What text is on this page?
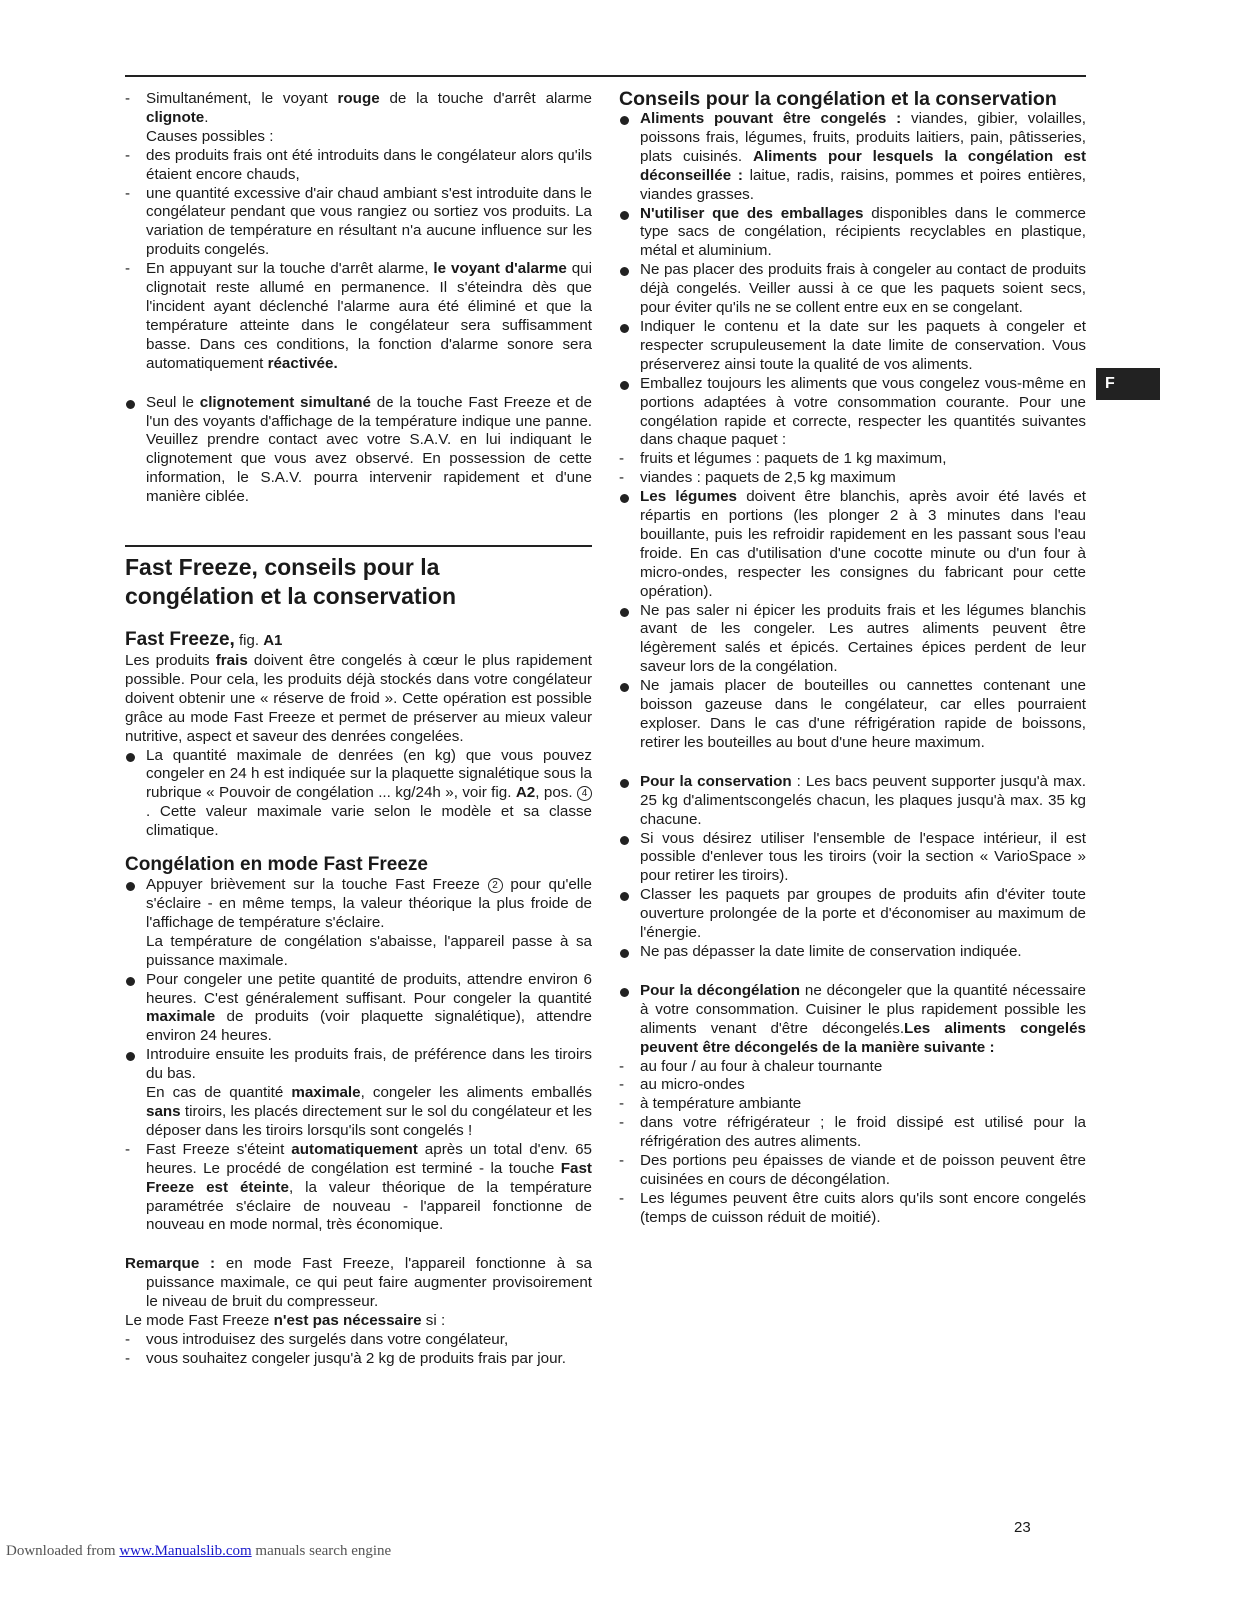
- Simultanément, le voyant rouge de la touche d'arrêt alarme clignote.

Causes possibles :

- des produits frais ont été introduits dans le congélateur alors qu'ils étaient encore chauds,
- une quantité excessive d'air chaud ambiant s'est introduite dans le congélateur pendant que vous rangiez ou sortiez vos produits. La variation de température en résultant n'a aucune influence sur les produits congelés.
- En appuyant sur la touche d'arrêt alarme, le voyant d'alarme qui clignotait reste allumé en permanence. Il s'éteindra dès que l'incident ayant déclenché l'alarme aura été éliminé et que la température atteinte dans le congélateur sera suffisamment basse. Dans ces conditions, la fonction d'alarme sonore sera automatiquement réactivée.
Seul le clignotement simultané de la touche Fast Freeze et de l'un des voyants d'affichage de la température indique une panne. Veuillez prendre contact avec votre S.A.V. en lui indiquant le clignotement que vous avez observé. En possession de cette information, le S.A.V. pourra intervenir rapidement et d'une manière ciblée.
Fast Freeze, conseils pour la
congélation et la conservation
Fast Freeze, fig. A1

Les produits frais doivent être congelés à cœur le plus rapidement possible. Pour cela, les produits déjà stockés dans votre congélateur doivent obtenir une « réserve de froid ». Cette opération est possible grâce au mode Fast Freeze et permet de préserver au mieux valeur nutritive, aspect et saveur des denrées congelées.

La quantité maximale de denrées (en kg) que vous pouvez congeler en 24 h est indiquée sur la plaquette signalétique sous la rubrique « Pouvoir de congélation ... kg/24h », voir fig. A2, pos. 4 . Cette valeur maximale varie selon le modèle et sa classe climatique.
Congélation en mode Fast Freeze
Appuyer brièvement sur la touche Fast Freeze 2 pour qu'elle s'éclaire - en même temps, la valeur théorique la plus froide de l'affichage de température s'éclaire.

La température de congélation s'abaisse, l'appareil passe à sa puissance maximale.

Pour congeler une petite quantité de produits, attendre environ 6 heures. C'est généralement suffisant. Pour congeler la quantité maximale de produits (voir plaquette signalétique), attendre environ 24 heures.
Introduire ensuite les produits frais, de préférence dans les tiroirs du bas.

En cas de quantité maximale, congeler les aliments emballés sans tiroirs, les placés directement sur le sol du congélateur et les déposer dans les tiroirs lorsqu'ils sont congelés !

- Fast Freeze s'éteint automatiquement après un total d'env. 65 heures. Le procédé de congélation est terminé - la touche Fast Freeze est éteinte, la valeur théorique de la température paramétrée s'éclaire de nouveau - l'appareil fonctionne de nouveau en mode normal, très économique.

Remarque : en mode Fast Freeze, l'appareil fonctionne à sa puissance maximale, ce qui peut faire augmenter provisoirement le niveau de bruit du compresseur.

Le mode Fast Freeze n'est pas nécessaire si :

- vous introduisez des surgelés dans votre congélateur,
- vous souhaitez congeler jusqu'à 2 kg de produits frais par jour.
Conseils pour la congélation et la conservation
Aliments pouvant être congelés : viandes, gibier, volailles, poissons frais, légumes, fruits, produits laitiers, pain, pâtisseries, plats cuisinés. Aliments pour lesquels la congélation est déconseillée : laitue, radis, raisins, pommes et poires entières, viandes grasses.
N'utiliser que des emballages disponibles dans le commerce type sacs de congélation, récipients recyclables en plastique, métal et aluminium.
Ne pas placer des produits frais à congeler au contact de produits déjà congelés. Veiller aussi à ce que les paquets soient secs, pour éviter qu'ils ne se collent entre eux en se congelant.
Indiquer le contenu et la date sur les paquets à congeler et respecter scrupuleusement la date limite de conservation. Vous préserverez ainsi toute la qualité de vos aliments.
Emballez toujours les aliments que vous congelez vous-même en portions adaptées à votre consommation courante. Pour une congélation rapide et correcte, respecter les quantités suivantes dans chaque paquet :
- fruits et légumes : paquets de 1 kg maximum,
- viandes : paquets de 2,5 kg maximum
Les légumes doivent être blanchis, après avoir été lavés et répartis en portions (les plonger 2 à 3 minutes dans l'eau bouillante, puis les refroidir rapidement en les passant sous l'eau froide. En cas d'utilisation d'une cocotte minute ou d'un four à micro-ondes, respecter les consignes du fabricant pour cette opération).
Ne pas saler ni épicer les produits frais et les légumes blanchis avant de les congeler. Les autres aliments peuvent être légèrement salés et épicés. Certaines épices perdent de leur saveur lors de la congélation.
Ne jamais placer de bouteilles ou cannettes contenant une boisson gazeuse dans le congélateur, car elles pourraient exploser. Dans le cas d'une réfrigération rapide de boissons, retirer les bouteilles au bout d'une heure maximum.
Pour la conservation : Les bacs peuvent supporter jusqu'à max. 25 kg d'alimentscongelés chacun, les plaques jusqu'à max. 35 kg chacune.
Si vous désirez utiliser l'ensemble de l'espace intérieur, il est possible d'enlever tous les tiroirs (voir la section « VarioSpace » pour retirer les tiroirs).
Classer les paquets par groupes de produits afin d'éviter toute ouverture prolongée de la porte et d'économiser au maximum de l'énergie.
Ne pas dépasser la date limite de conservation indiquée.
Pour la décongélation ne décongeler que la quantité nécessaire à votre consommation. Cuisiner le plus rapidement possible les aliments venant d'être décongelés.Les aliments congelés peuvent être décongelés de la manière suivante :
- au four / au four à chaleur tournante
- au micro-ondes
- à température ambiante
- dans votre réfrigérateur ; le froid dissipé est utilisé pour la réfrigération des autres aliments.
- Des portions peu épaisses de viande et de poisson peuvent être cuisinées en cours de décongélation.
- Les légumes peuvent être cuits alors qu'ils sont encore congelés (temps de cuisson réduit de moitié).
F
23
Downloaded from www.Manualslib.com manuals search engine
